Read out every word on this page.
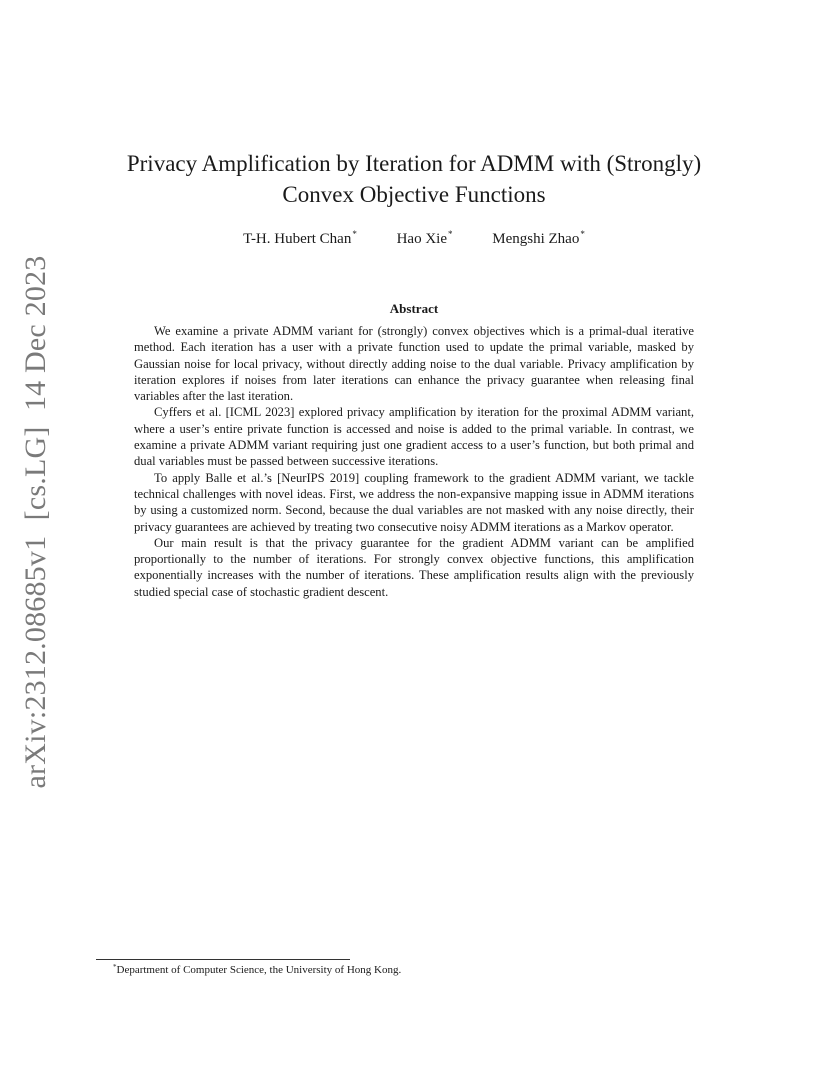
arXiv:2312.08685v1  [cs.LG]  14 Dec 2023
Privacy Amplification by Iteration for ADMM with (Strongly)
Convex Objective Functions
T-H. Hubert Chan*	Hao Xie*	Mengshi Zhao*
Abstract

We examine a private ADMM variant for (strongly) convex objectives which is a primal-dual iterative method. Each iteration has a user with a private function used to update the primal variable, masked by Gaussian noise for local privacy, without directly adding noise to the dual variable. Privacy amplification by iteration explores if noises from later iterations can enhance the privacy guarantee when releasing final variables after the last iteration.

Cyffers et al. [ICML 2023] explored privacy amplification by iteration for the proximal ADMM variant, where a user’s entire private function is accessed and noise is added to the primal variable. In contrast, we examine a private ADMM variant requiring just one gradient access to a user’s function, but both primal and dual variables must be passed between successive iterations.

To apply Balle et al.’s [NeurIPS 2019] coupling framework to the gradient ADMM variant, we tackle technical challenges with novel ideas. First, we address the non-expansive mapping issue in ADMM iterations by using a customized norm. Second, because the dual variables are not masked with any noise directly, their privacy guarantees are achieved by treating two consecutive noisy ADMM iterations as a Markov operator.

Our main result is that the privacy guarantee for the gradient ADMM variant can be amplified proportionally to the number of iterations. For strongly convex objective functions, this amplification exponentially increases with the number of iterations. These amplification results align with the previously studied special case of stochastic gradient descent.

*Department of Computer Science, the University of Hong Kong.
